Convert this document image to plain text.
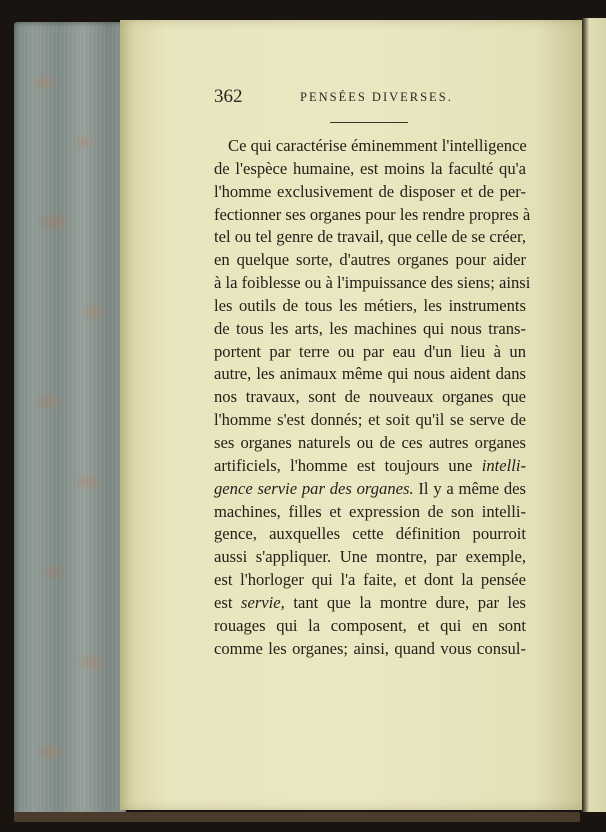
362	PENSÉES DIVERSES.
Ce qui caractérise éminemment l'intelligence
de l'espèce humaine, est moins la faculté qu'a
l'homme exclusivement de disposer et de per-
fectionner ses organes pour les rendre propres à
tel ou tel genre de travail, que celle de se créer,
en quelque sorte, d'autres organes pour aider
à la foiblesse ou à l'impuissance des siens; ainsi
les outils de tous les métiers, les instruments
de tous les arts, les machines qui nous trans-
portent par terre ou par eau d'un lieu à un
autre, les animaux même qui nous aident dans
nos travaux, sont de nouveaux organes que
l'homme s'est donnés; et soit qu'il se serve de
ses organes naturels ou de ces autres organes
artificiels, l'homme est toujours une intelli-
gence servie par des organes. Il y a même des
machines, filles et expression de son intelli-
gence, auxquelles cette définition pourroit
aussi s'appliquer. Une montre, par exemple,
est l'horloger qui l'a faite, et dont la pensée
est servie, tant que la montre dure, par les
rouages qui la composent, et qui en sont
comme les organes; ainsi, quand vous consul-
